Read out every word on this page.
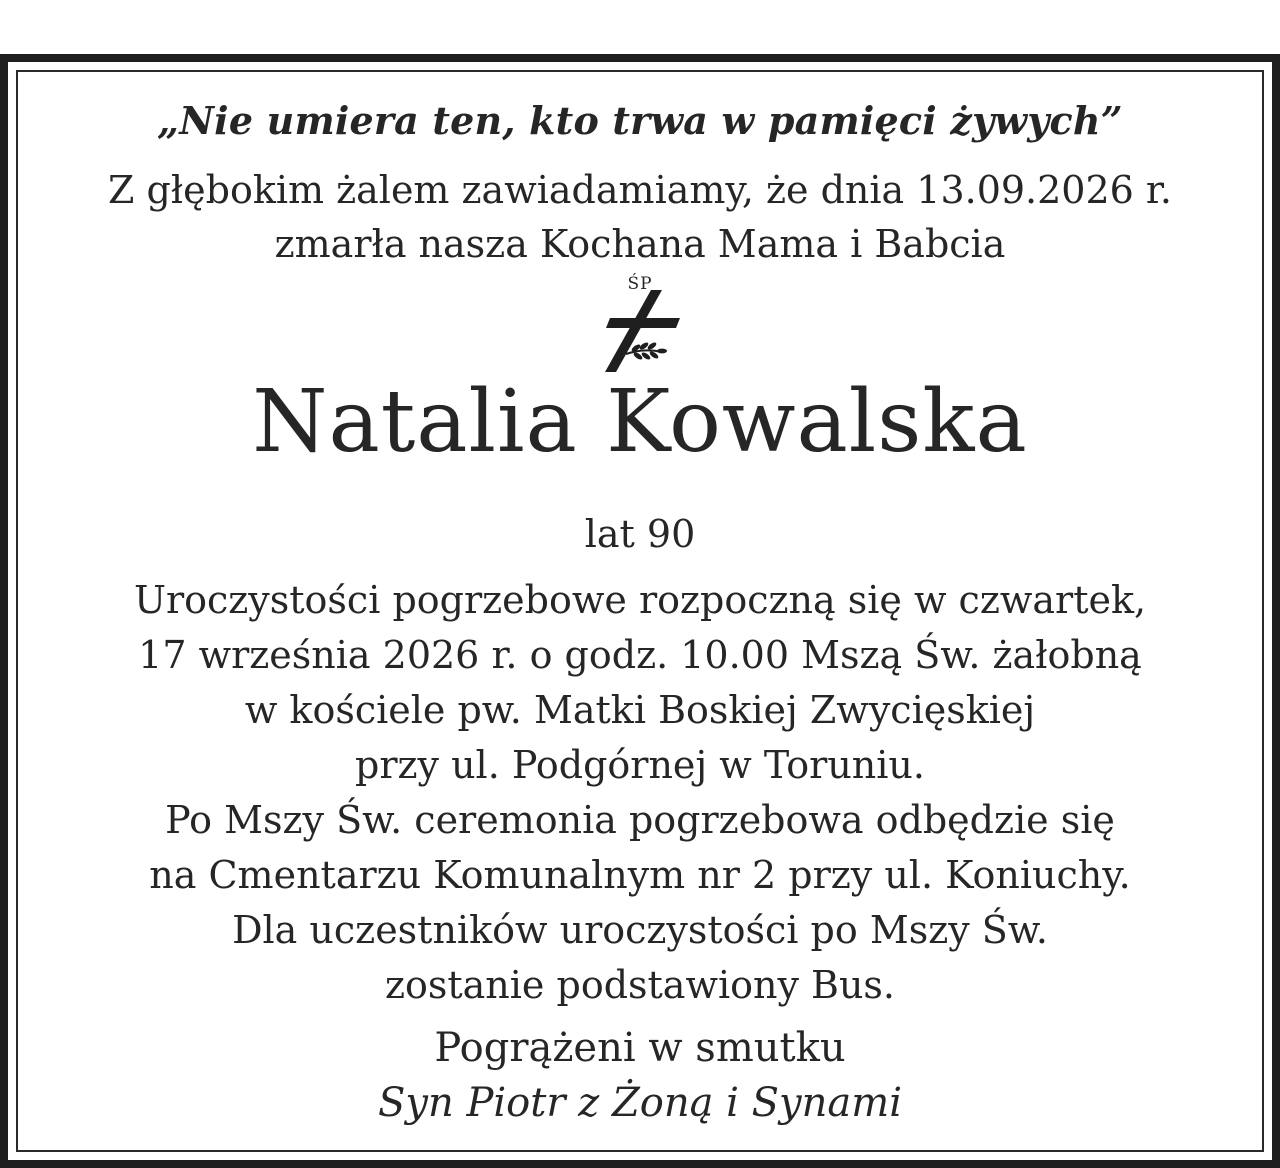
„Nie umiera ten, kto trwa w pamięci żywych”
Z głębokim żalem zawiadamiamy, że dnia 13.09.2026 r.
zmarła nasza Kochana Mama i Babcia
ŚP
Natalia Kowalska
lat 90
Uroczystości pogrzebowe rozpoczną się w czwartek,
17 września 2026 r. o godz. 10.00 Mszą Św. żałobną
w kościele pw. Matki Boskiej Zwycięskiej
przy ul. Podgórnej w Toruniu.
Po Mszy Św. ceremonia pogrzebowa odbędzie się
na Cmentarzu Komunalnym nr 2 przy ul. Koniuchy.
Dla uczestników uroczystości po Mszy Św.
zostanie podstawiony Bus.
Pogrążeni w smutku
Syn Piotr z Żoną i Synami
